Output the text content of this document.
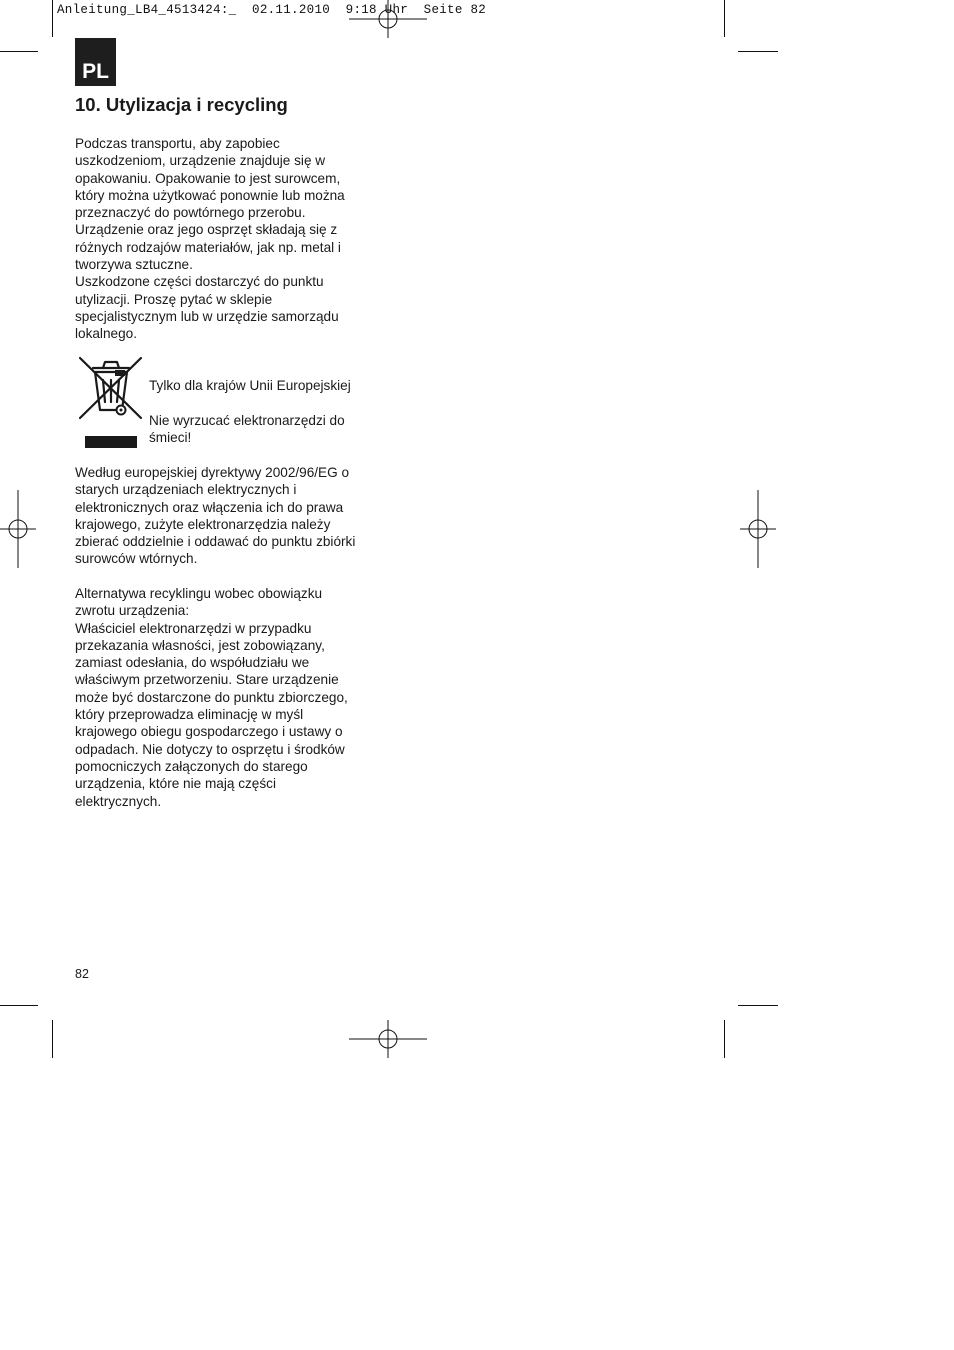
Anleitung_LB4_4513424:_  02.11.2010  9:18 Uhr  Seite 82
PL
10. Utylizacja i recycling

Podczas transportu, aby zapobiec
uszkodzeniom, urządzenie znajduje się w
opakowaniu. Opakowanie to jest surowcem,
który można użytkować ponownie lub można
przeznaczyć do powtórnego przerobu.
Urządzenie oraz jego osprzęt składają się z
różnych rodzajów materiałów, jak np. metal i
tworzywa sztuczne.
Uszkodzone części dostarczyć do punktu
utylizacji. Proszę pytać w sklepie
specjalistycznym lub w urzędzie samorządu
lokalnego.

Tylko dla krajów Unii Europejskiej

Nie wyrzucać elektronarzędzi do
śmieci!

Według europejskiej dyrektywy 2002/96/EG o
starych urządzeniach elektrycznych i
elektronicznych oraz włączenia ich do prawa
krajowego, zużyte elektronarzędzia należy
zbierać oddzielnie i oddawać do punktu zbiórki
surowców wtórnych.

Alternatywa recyklingu wobec obowiązku
zwrotu urządzenia:
Właściciel elektronarzędzi w przypadku
przekazania własności, jest zobowiązany,
zamiast odesłania, do współudziału we
właściwym przetworzeniu. Stare urządzenie
może być dostarczone do punktu zbiorczego,
który przeprowadza eliminację w myśl
krajowego obiegu gospodarczego i ustawy o
odpadach. Nie dotyczy to osprzętu i środków
pomocniczych załączonych do starego
urządzenia, które nie mają części
elektrycznych.

82
